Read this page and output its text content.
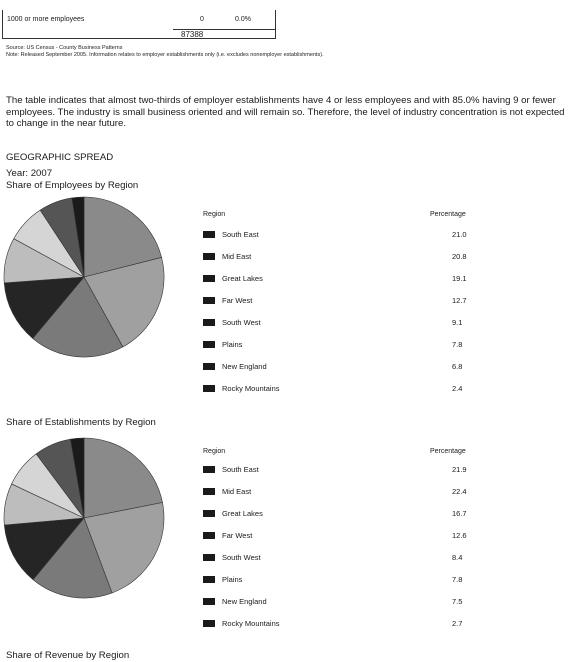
1000 or more employees	0	0.0%
87388
Source: US Census - County Business Patterns
Note: Released September 2005. Information relates to employer establishments only (i.e. excludes nonemployer establishments).
The table indicates that almost two-thirds of employer establishments have 4 or less employees and with 85.0% having 9 or fewer employees. The industry is small business oriented and will remain so. Therefore, the level of industry concentration is not expected to change in the near future.
GEOGRAPHIC SPREAD
Year: 2007
Share of Employees by Region
Region	Percentage
South East	21.0
Mid East	20.8
Great Lakes	19.1
Far West	12.7
South West	9.1
Plains	7.8
New England	6.8
Rocky Mountains	2.4
Share of Establishments by Region
Region	Percentage
South East	21.9
Mid East	22.4
Great Lakes	16.7
Far West	12.6
South West	8.4
Plains	7.8
New England	7.5
Rocky Mountains	2.7
Share of Revenue by Region
